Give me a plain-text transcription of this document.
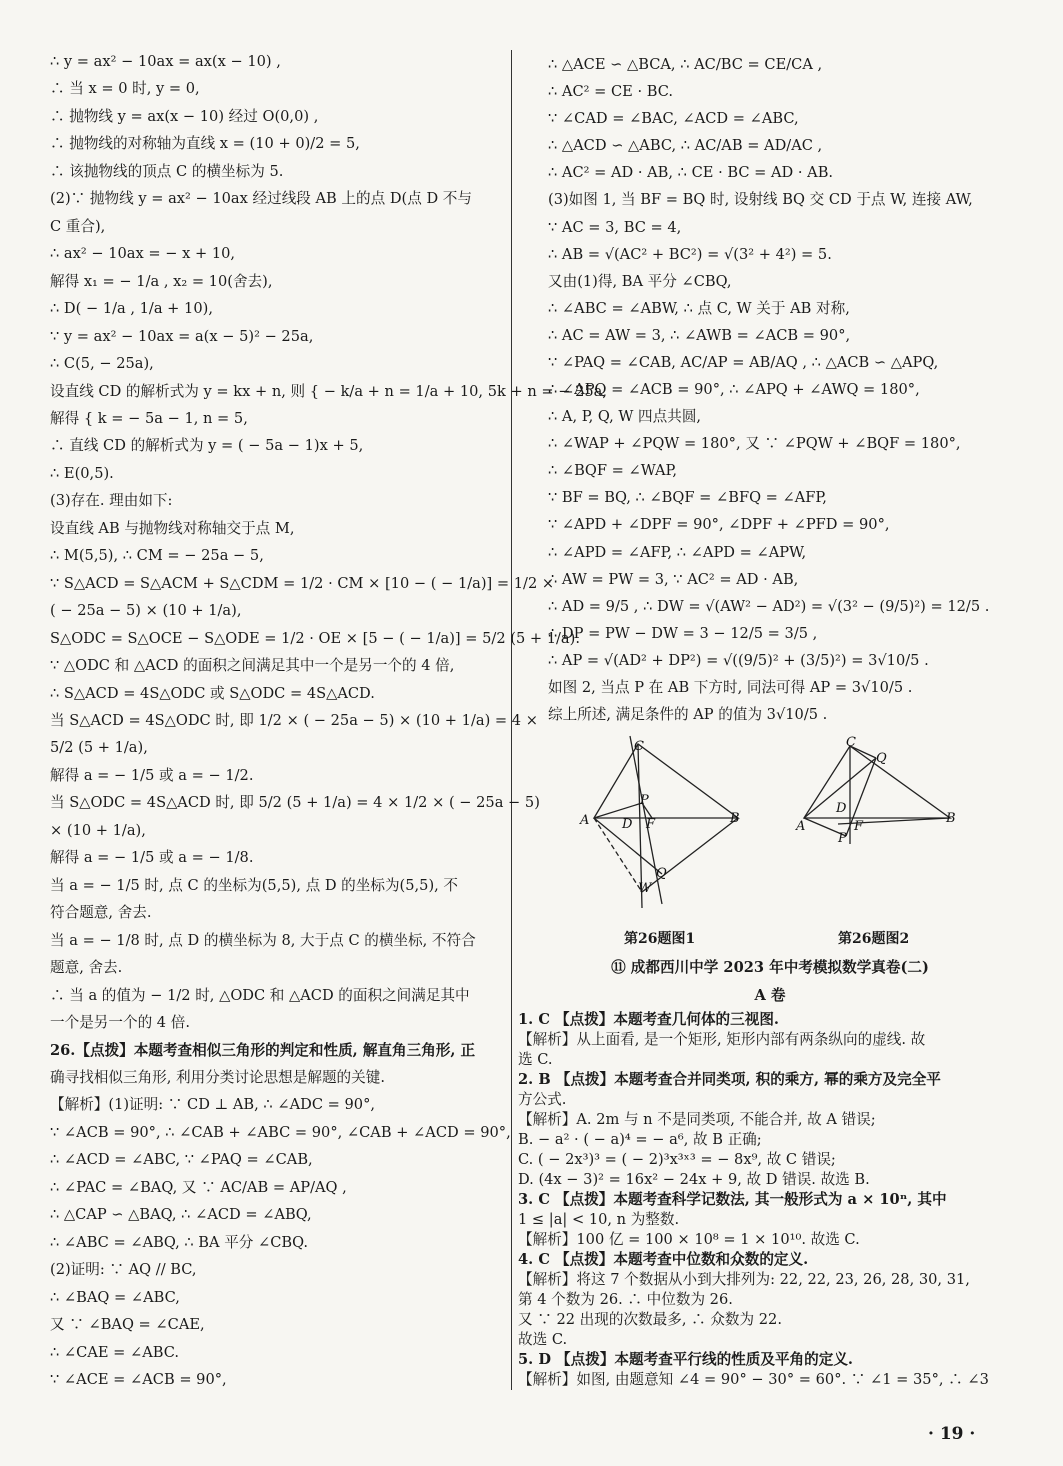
C
P
A	D F	B
Q
W
第26题图1
C
Q
D
A
P
F
B
第26题图2
⑪ 成都西川中学 2023 年中考模拟数学真卷(二)
A 卷
· 19 ·
∴ y = ax² − 10ax = ax(x − 10) ,
∴ 当 x = 0 时, y = 0,
∴ 抛物线 y = ax(x − 10) 经过 O(0,0) ,
∴ 抛物线的对称轴为直线 x = (10 + 0)/2 = 5,
∴ 该抛物线的顶点 C 的横坐标为 5.
(2)∵ 抛物线 y = ax² − 10ax 经过线段 AB 上的点 D(点 D 不与
C 重合),
∴ ax² − 10ax = − x + 10,
解得 x₁ = − 1/a , x₂ = 10(舍去),
∴ D( − 1/a , 1/a + 10),
∵ y = ax² − 10ax = a(x − 5)² − 25a,
∴ C(5, − 25a),
设直线 CD 的解析式为 y = kx + n, 则 { − k/a + n = 1/a + 10, 5k + n = − 25a,
解得 { k = − 5a − 1, n = 5,
∴ 直线 CD 的解析式为 y = ( − 5a − 1)x + 5,
∴ E(0,5).
(3)存在. 理由如下:
设直线 AB 与抛物线对称轴交于点 M,
∴ M(5,5), ∴ CM = − 25a − 5,
∵ S△ACD = S△ACM + S△CDM = 1/2 · CM × [10 − ( − 1/a)] = 1/2 ×
( − 25a − 5) × (10 + 1/a),
S△ODC = S△OCE − S△ODE = 1/2 · OE × [5 − ( − 1/a)] = 5/2 (5 + 1/a).
∵ △ODC 和 △ACD 的面积之间满足其中一个是另一个的 4 倍,
∴ S△ACD = 4S△ODC 或 S△ODC = 4S△ACD.
当 S△ACD = 4S△ODC 时, 即 1/2 × ( − 25a − 5) × (10 + 1/a) = 4 ×
5/2 (5 + 1/a),
解得 a = − 1/5 或 a = − 1/2.
当 S△ODC = 4S△ACD 时, 即 5/2 (5 + 1/a) = 4 × 1/2 × ( − 25a − 5)
× (10 + 1/a),
解得 a = − 1/5 或 a = − 1/8.
当 a = − 1/5 时, 点 C 的坐标为(5,5), 点 D 的坐标为(5,5), 不
符合题意, 舍去.
当 a = − 1/8 时, 点 D 的横坐标为 8, 大于点 C 的横坐标, 不符合
题意, 舍去.
∴ 当 a 的值为 − 1/2 时, △ODC 和 △ACD 的面积之间满足其中
一个是另一个的 4 倍.
26.【点拨】本题考查相似三角形的判定和性质, 解直角三角形, 正
确寻找相似三角形, 利用分类讨论思想是解题的关键.
【解析】(1)证明: ∵ CD ⊥ AB, ∴ ∠ADC = 90°,
∵ ∠ACB = 90°, ∴ ∠CAB + ∠ABC = 90°, ∠CAB + ∠ACD = 90°,
∴ ∠ACD = ∠ABC, ∵ ∠PAQ = ∠CAB,
∴ ∠PAC = ∠BAQ, 又 ∵ AC/AB = AP/AQ ,
∴ △CAP ∽ △BAQ, ∴ ∠ACD = ∠ABQ,
∴ ∠ABC = ∠ABQ, ∴ BA 平分 ∠CBQ.
(2)证明: ∵ AQ // BC,
∴ ∠BAQ = ∠ABC,
又 ∵ ∠BAQ = ∠CAE,
∴ ∠CAE = ∠ABC.
∵ ∠ACE = ∠ACB = 90°,
∴ △ACE ∽ △BCA, ∴ AC/BC = CE/CA ,
∴ AC² = CE · BC.
∵ ∠CAD = ∠BAC, ∠ACD = ∠ABC,
∴ △ACD ∽ △ABC, ∴ AC/AB = AD/AC ,
∴ AC² = AD · AB, ∴ CE · BC = AD · AB.
(3)如图 1, 当 BF = BQ 时, 设射线 BQ 交 CD 于点 W, 连接 AW,
∵ AC = 3, BC = 4,
∴ AB = √(AC² + BC²) = √(3² + 4²) = 5.
又由(1)得, BA 平分 ∠CBQ,
∴ ∠ABC = ∠ABW, ∴ 点 C, W 关于 AB 对称,
∴ AC = AW = 3, ∴ ∠AWB = ∠ACB = 90°,
∵ ∠PAQ = ∠CAB, AC/AP = AB/AQ , ∴ △ACB ∽ △APQ,
∴ ∠APQ = ∠ACB = 90°, ∴ ∠APQ + ∠AWQ = 180°,
∴ A, P, Q, W 四点共圆,
∴ ∠WAP + ∠PQW = 180°, 又 ∵ ∠PQW + ∠BQF = 180°,
∴ ∠BQF = ∠WAP,
∵ BF = BQ, ∴ ∠BQF = ∠BFQ = ∠AFP,
∵ ∠APD + ∠DPF = 90°, ∠DPF + ∠PFD = 90°,
∴ ∠APD = ∠AFP, ∴ ∠APD = ∠APW,
∴ AW = PW = 3, ∵ AC² = AD · AB,
∴ AD = 9/5 , ∴ DW = √(AW² − AD²) = √(3² − (9/5)²) = 12/5 .
∴ DP = PW − DW = 3 − 12/5 = 3/5 ,
∴ AP = √(AD² + DP²) = √((9/5)² + (3/5)²) = 3√10/5 .
如图 2, 当点 P 在 AB 下方时, 同法可得 AP = 3√10/5 .
综上所述, 满足条件的 AP 的值为 3√10/5 .
1. C 【点拨】本题考查几何体的三视图.
【解析】从上面看, 是一个矩形, 矩形内部有两条纵向的虚线. 故
选 C.
2. B 【点拨】本题考查合并同类项, 积的乘方, 幂的乘方及完全平
方公式.
【解析】A. 2m 与 n 不是同类项, 不能合并, 故 A 错误;
B. − a² · ( − a)⁴ = − a⁶, 故 B 正确;
C. ( − 2x³)³ = ( − 2)³x³ˣ³ = − 8x⁹, 故 C 错误;
D. (4x − 3)² = 16x² − 24x + 9, 故 D 错误. 故选 B.
3. C 【点拨】本题考查科学记数法, 其一般形式为 a × 10ⁿ, 其中
1 ≤ |a| < 10, n 为整数.
【解析】100 亿 = 100 × 10⁸ = 1 × 10¹⁰. 故选 C.
4. C 【点拨】本题考查中位数和众数的定义.
【解析】将这 7 个数据从小到大排列为: 22, 22, 23, 26, 28, 30, 31,
第 4 个数为 26. ∴ 中位数为 26.
又 ∵ 22 出现的次数最多, ∴ 众数为 22.
故选 C.
5. D 【点拨】本题考查平行线的性质及平角的定义.
【解析】如图, 由题意知 ∠4 = 90° − 30° = 60°. ∵ ∠1 = 35°, ∴ ∠3
